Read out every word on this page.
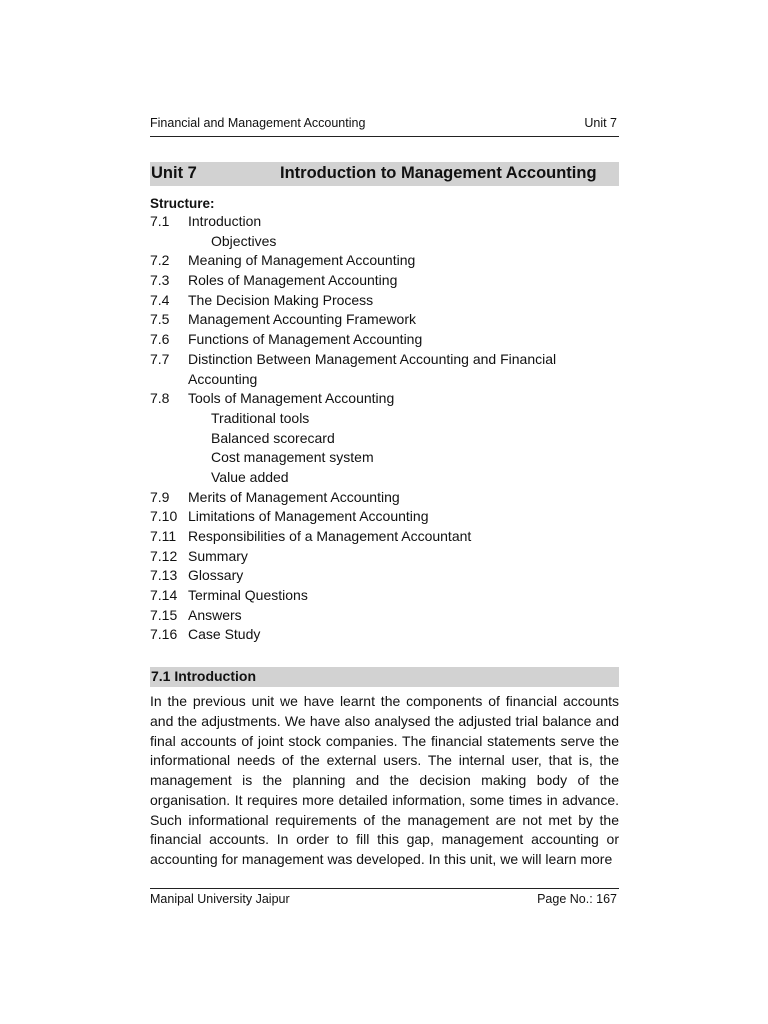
Financial and Management Accounting	Unit 7
Unit 7	Introduction to Management Accounting
Structure:
7.1 Introduction
Objectives
7.2 Meaning of Management Accounting
7.3 Roles of Management Accounting
7.4 The Decision Making Process
7.5 Management Accounting Framework
7.6 Functions of Management Accounting
7.7 Distinction Between Management Accounting and Financial
Accounting
7.8 Tools of Management Accounting
Traditional tools
Balanced scorecard
Cost management system
Value added
7.9 Merits of Management Accounting
7.10 Limitations of Management Accounting
7.11 Responsibilities of a Management Accountant
7.12 Summary
7.13 Glossary
7.14 Terminal Questions
7.15 Answers
7.16 Case Study
7.1 Introduction

In the previous unit we have learnt the components of financial accounts and the adjustments. We have also analysed the adjusted trial balance and final accounts of joint stock companies. The financial statements serve the informational needs of the external users. The internal user, that is, the management is the planning and the decision making body of the organisation. It requires more detailed information, some times in advance. Such informational requirements of the management are not met by the financial accounts. In order to fill this gap, management accounting or accounting for management was developed. In this unit, we will learn more

Manipal University Jaipur	Page No.: 167
